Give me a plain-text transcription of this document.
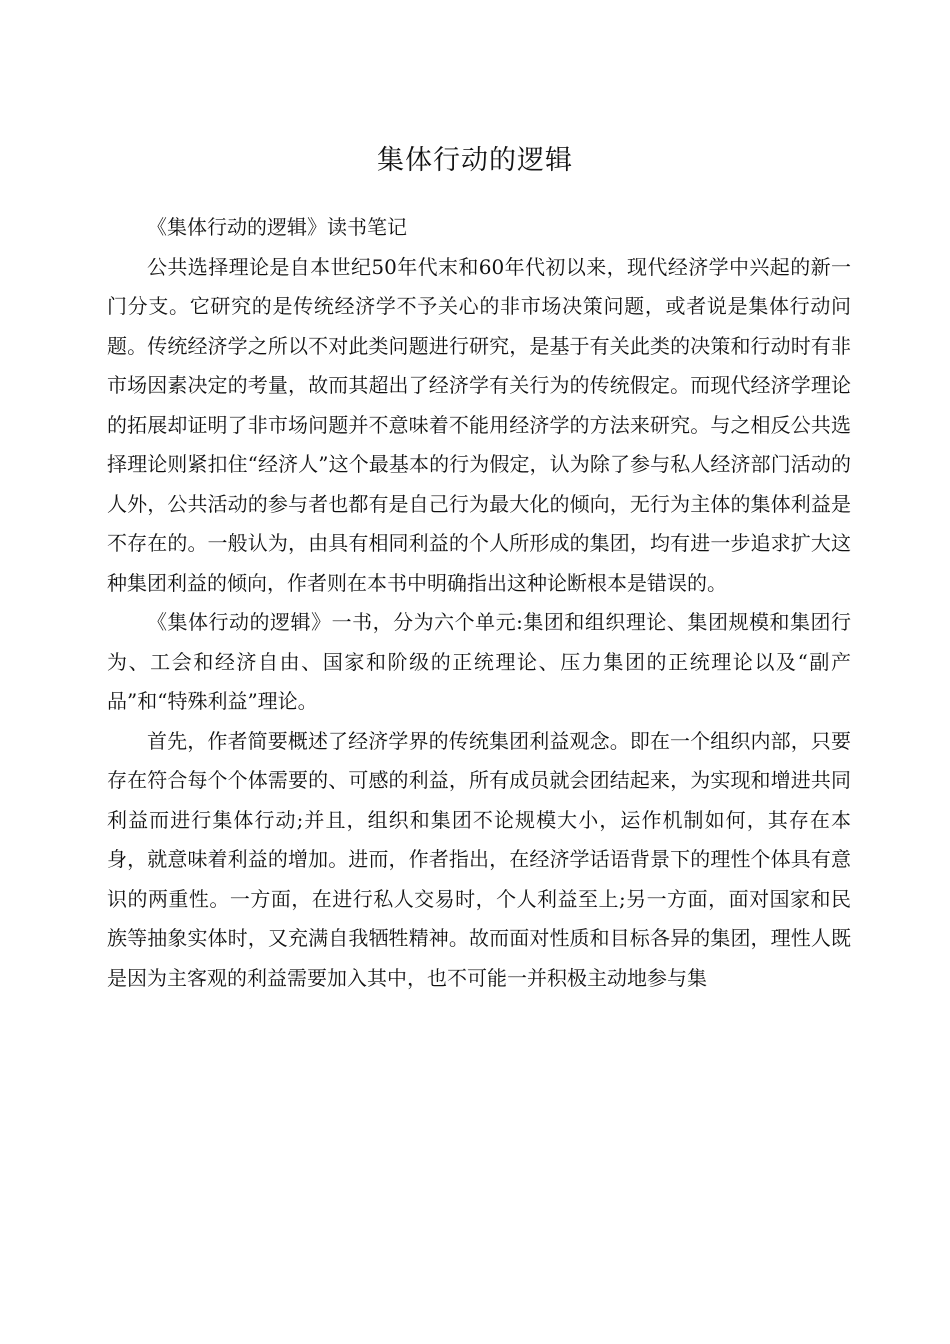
集体行动的逻辑

《集体行动的逻辑》读书笔记

公共选择理论是自本世纪50年代末和60年代初以来，现代经济学中兴起的新一门分支。它研究的是传统经济学不予关心的非市场决策问题，或者说是集体行动问题。传统经济学之所以不对此类问题进行研究，是基于有关此类的决策和行动时有非市场因素决定的考量，故而其超出了经济学有关行为的传统假定。而现代经济学理论的拓展却证明了非市场问题并不意味着不能用经济学的方法来研究。与之相反公共选择理论则紧扣住“经济人”这个最基本的行为假定，认为除了参与私人经济部门活动的人外，公共活动的参与者也都有是自己行为最大化的倾向，无行为主体的集体利益是不存在的。一般认为，由具有相同利益的个人所形成的集团，均有进一步追求扩大这种集团利益的倾向，作者则在本书中明确指出这种论断根本是错误的。

《集体行动的逻辑》一书，分为六个单元:集团和组织理论、集团规模和集团行为、工会和经济自由、国家和阶级的正统理论、压力集团的正统理论以及“副产品”和“特殊利益”理论。

首先，作者简要概述了经济学界的传统集团利益观念。即在一个组织内部，只要存在符合每个个体需要的、可感的利益，所有成员就会团结起来，为实现和增进共同利益而进行集体行动;并且，组织和集团不论规模大小，运作机制如何，其存在本身，就意味着利益的增加。进而，作者指出，在经济学话语背景下的理性个体具有意识的两重性。一方面，在进行私人交易时，个人利益至上;另一方面，面对国家和民族等抽象实体时，又充满自我牺牲精神。故而面对性质和目标各异的集团，理性人既是因为主客观的利益需要加入其中，也不可能一并积极主动地参与集
